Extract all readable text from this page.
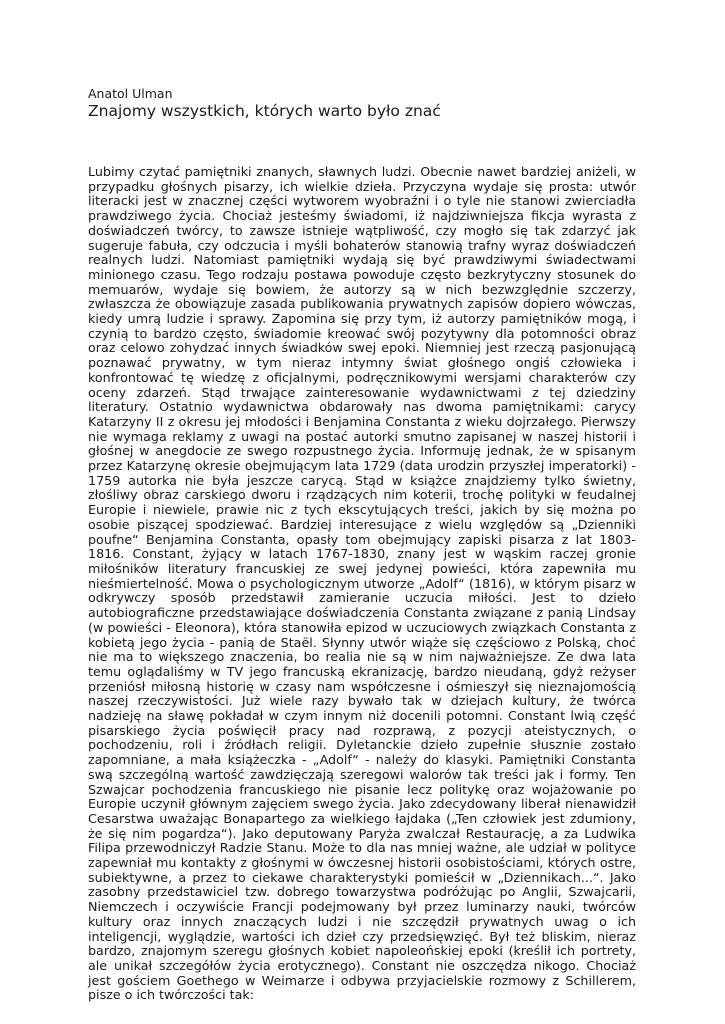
Anatol Ulman

Znajomy wszystkich, których warto było znać

Lubimy czytać pamiętniki znanych, sławnych ludzi. Obecnie nawet bardziej aniżeli, w przypadku głośnych pisarzy, ich wielkie dzieła. Przyczyna wydaje się prosta: utwór literacki jest w znacznej części wytworem wyobraźni i o tyle nie stanowi zwierciadła prawdziwego życia. Chociaż jesteśmy świadomi, iż najdziwniejsza fikcja wyrasta z doświadczeń twórcy, to zawsze istnieje wątpliwość, czy mogło się tak zdarzyć jak sugeruje fabuła, czy odczucia i myśli bohaterów stanowią trafny wyraz doświadczeń realnych ludzi. Natomiast pamiętniki wydają się być prawdziwymi świadectwami minionego czasu. Tego rodzaju postawa powoduje często bezkrytyczny stosunek do memuarów, wydaje się bowiem, że autorzy są w nich bezwzględnie szczerzy, zwłaszcza że obowiązuje zasada publikowania prywatnych zapisów dopiero wówczas, kiedy umrą ludzie i sprawy. Zapomina się przy tym, iż autorzy pamiętników mogą, i czynią to bardzo często, świadomie kreować swój pozytywny dla potomności obraz oraz celowo zohydzać innych świadków swej epoki. Niemniej jest rzeczą pasjonującą poznawać prywatny, w tym nieraz intymny świat głośnego ongiś człowieka i konfrontować tę wiedzę z oficjalnymi, podręcznikowymi wersjami charakterów czy oceny zdarzeń. Stąd trwające zainteresowanie wydawnictwami z tej dziedziny literatury. Ostatnio wydawnictwa obdarowały nas dwoma pamiętnikami: carycy Katarzyny II z okresu jej młodości i Benjamina Constanta z wieku dojrzałego. Pierwszy nie wymaga reklamy z uwagi na postać autorki smutno zapisanej w naszej historii i głośnej w anegdocie ze swego rozpustnego życia. Informuję jednak, że w spisanym przez Katarzynę okresie obejmującym lata 1729 (data urodzin przyszłej imperatorki) - 1759 autorka nie była jeszcze carycą. Stąd w książce znajdziemy tylko świetny, złośliwy obraz carskiego dworu i rządzących nim koterii, trochę polityki w feudalnej Europie i niewiele, prawie nic z tych ekscytujących treści, jakich by się można po osobie piszącej spodziewać. Bardziej interesujące z wielu względów są „Dzienniki poufne“ Benjamina Constanta, opasły tom obejmujący zapiski pisarza z lat 1803-1816. Constant, żyjący w latach 1767-1830, znany jest w wąskim raczej gronie miłośników literatury francuskiej ze swej jedynej powieści, która zapewniła mu nieśmiertelność. Mowa o psychologicznym utworze „Adolf“ (1816), w którym pisarz w odkrywczy sposób przedstawił zamieranie uczucia miłości. Jest to dzieło autobiograficzne przedstawiające doświadczenia Constanta związane z panią Lindsay (w powieści - Eleonora), która stanowiła epizod w uczuciowych związkach Constanta z kobietą jego życia - panią de Staël. Słynny utwór wiąże się częściowo z Polską, choć nie ma to większego znaczenia, bo realia nie są w nim najważniejsze. Ze dwa lata temu oglądaliśmy w TV jego francuską ekranizację, bardzo nieudaną, gdyż reżyser przeniósł miłosną historię w czasy nam współczesne i ośmieszył się nieznajomością naszej rzeczywistości. Już wiele razy bywało tak w dziejach kultury, że twórca nadzieję na sławę pokładał w czym innym niż docenili potomni. Constant lwią część pisarskiego życia poświęcił pracy nad rozprawą, z pozycji ateistycznych, o pochodzeniu, roli i źródłach religii. Dyletanckie dzieło zupełnie słusznie zostało zapomniane, a mała książeczka - „Adolf“ - należy do klasyki. Pamiętniki Constanta swą szczególną wartość zawdzięczają szeregowi walorów tak treści jak i formy. Ten Szwajcar pochodzenia francuskiego nie pisanie lecz politykę oraz wojażowanie po Europie uczynił głównym zajęciem swego życia. Jako zdecydowany liberał nienawidził Cesarstwa uważając Bonapartego za wielkiego łajdaka („Ten człowiek jest zdumiony, że się nim pogardza“). Jako deputowany Paryża zwalczał Restaurację, a za Ludwika Filipa przewodniczył Radzie Stanu. Może to dla nas mniej ważne, ale udział w polityce zapewniał mu kontakty z głośnymi w ówczesnej historii osobistościami, których ostre, subiektywne, a przez to ciekawe charakterystyki pomieścił w „Dziennikach...“. Jako zasobny przedstawiciel tzw. dobrego towarzystwa podróżując po Anglii, Szwajcarii, Niemczech i oczywiście Francji podejmowany był przez luminarzy nauki, twórców kultury oraz innych znaczących ludzi i nie szczędził prywatnych uwag o ich inteligencji, wyglądzie, wartości ich dzieł czy przedsięwzięć. Był też bliskim, nieraz bardzo, znajomym szeregu głośnych kobiet napoleońskiej epoki (kreślił ich portrety, ale unikał szczegółów życia erotycznego). Constant nie oszczędza nikogo. Chociaż jest gościem Goethego w Weimarze i odbywa przyjacielskie rozmowy z Schillerem, pisze o ich twórczości tak:
